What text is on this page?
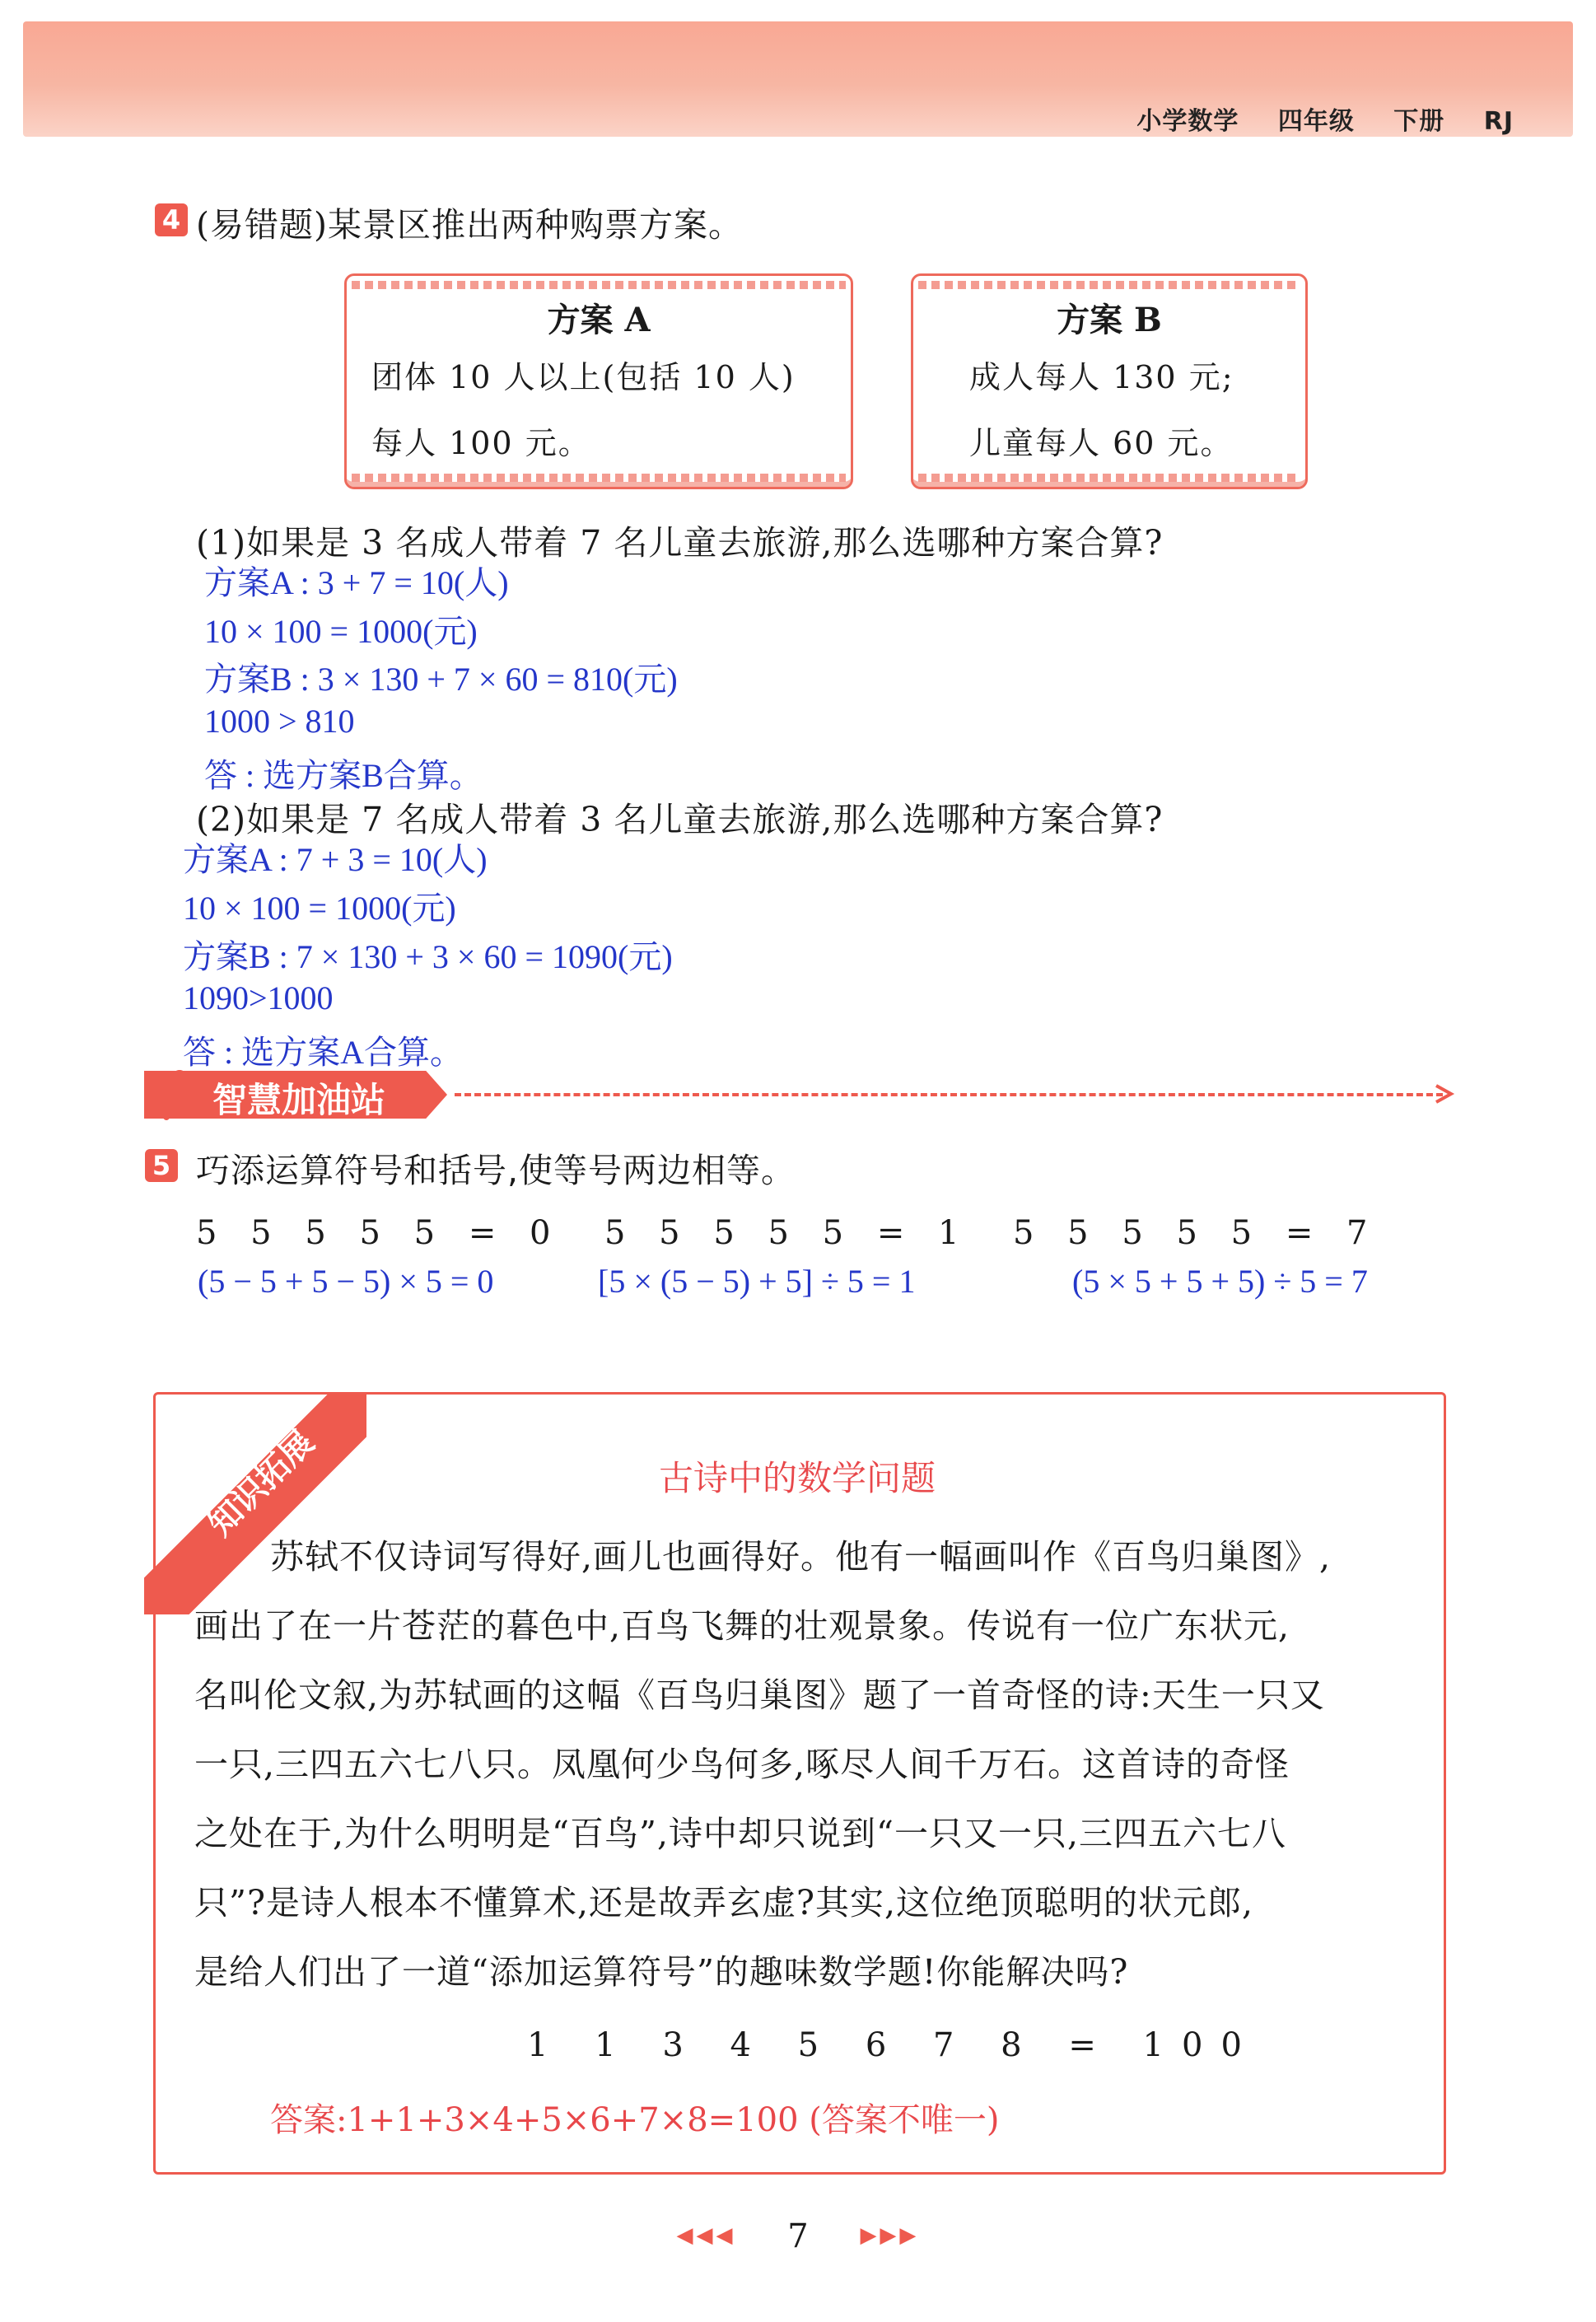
小学数学 四年级 下册 RJ
4 (易错题)某景区推出两种购票方案。
方案 A
团体 10 人以上(包括 10 人)
每人 100 元。
方案 B
成人每人 130 元;
儿童每人 60 元。
(1)如果是 3 名成人带着 7 名儿童去旅游,那么选哪种方案合算?
方案A : 3 + 7 = 10(人)
10 × 100 = 1000(元)
方案B : 3 × 130 + 7 × 60 = 810(元)
1000 > 810
答 : 选方案B合算。
(2)如果是 7 名成人带着 3 名儿童去旅游,那么选哪种方案合算?
方案A : 7 + 3 = 10(人)
10 × 100 = 1000(元)
方案B : 7 × 130 + 3 × 60 = 1090(元)
1090>1000
答 : 选方案A合算。
智慧加油站
5 巧添运算符号和括号,使等号两边相等。
5 5 5 5 5 = 0 5 5 5 5 5 = 1 5 5 5 5 5 = 7
(5 − 5 + 5 − 5) × 5 = 0	[5 × (5 − 5) + 5] ÷ 5 = 1	(5 × 5 + 5 + 5) ÷ 5 = 7
知识拓展	古诗中的数学问题
苏轼不仅诗词写得好,画儿也画得好。他有一幅画叫作《百鸟归巢图》,
画出了在一片苍茫的暮色中,百鸟飞舞的壮观景象。传说有一位广东状元,
名叫伦文叙,为苏轼画的这幅《百鸟归巢图》题了一首奇怪的诗:天生一只又
一只,三四五六七八只。凤凰何少鸟何多,啄尽人间千万石。这首诗的奇怪
之处在于,为什么明明是“百鸟”,诗中却只说到“一只又一只,三四五六七八
只”?是诗人根本不懂算术,还是故弄玄虚?其实,这位绝顶聪明的状元郎,
是给人们出了一道“添加运算符号”的趣味数学题!你能解决吗?
1 1 3 4 5 6 7 8 = 100
答案:1+1+3×4+5×6+7×8=100 (答案不唯一)
◀◀◀ 7 ▶▶▶
